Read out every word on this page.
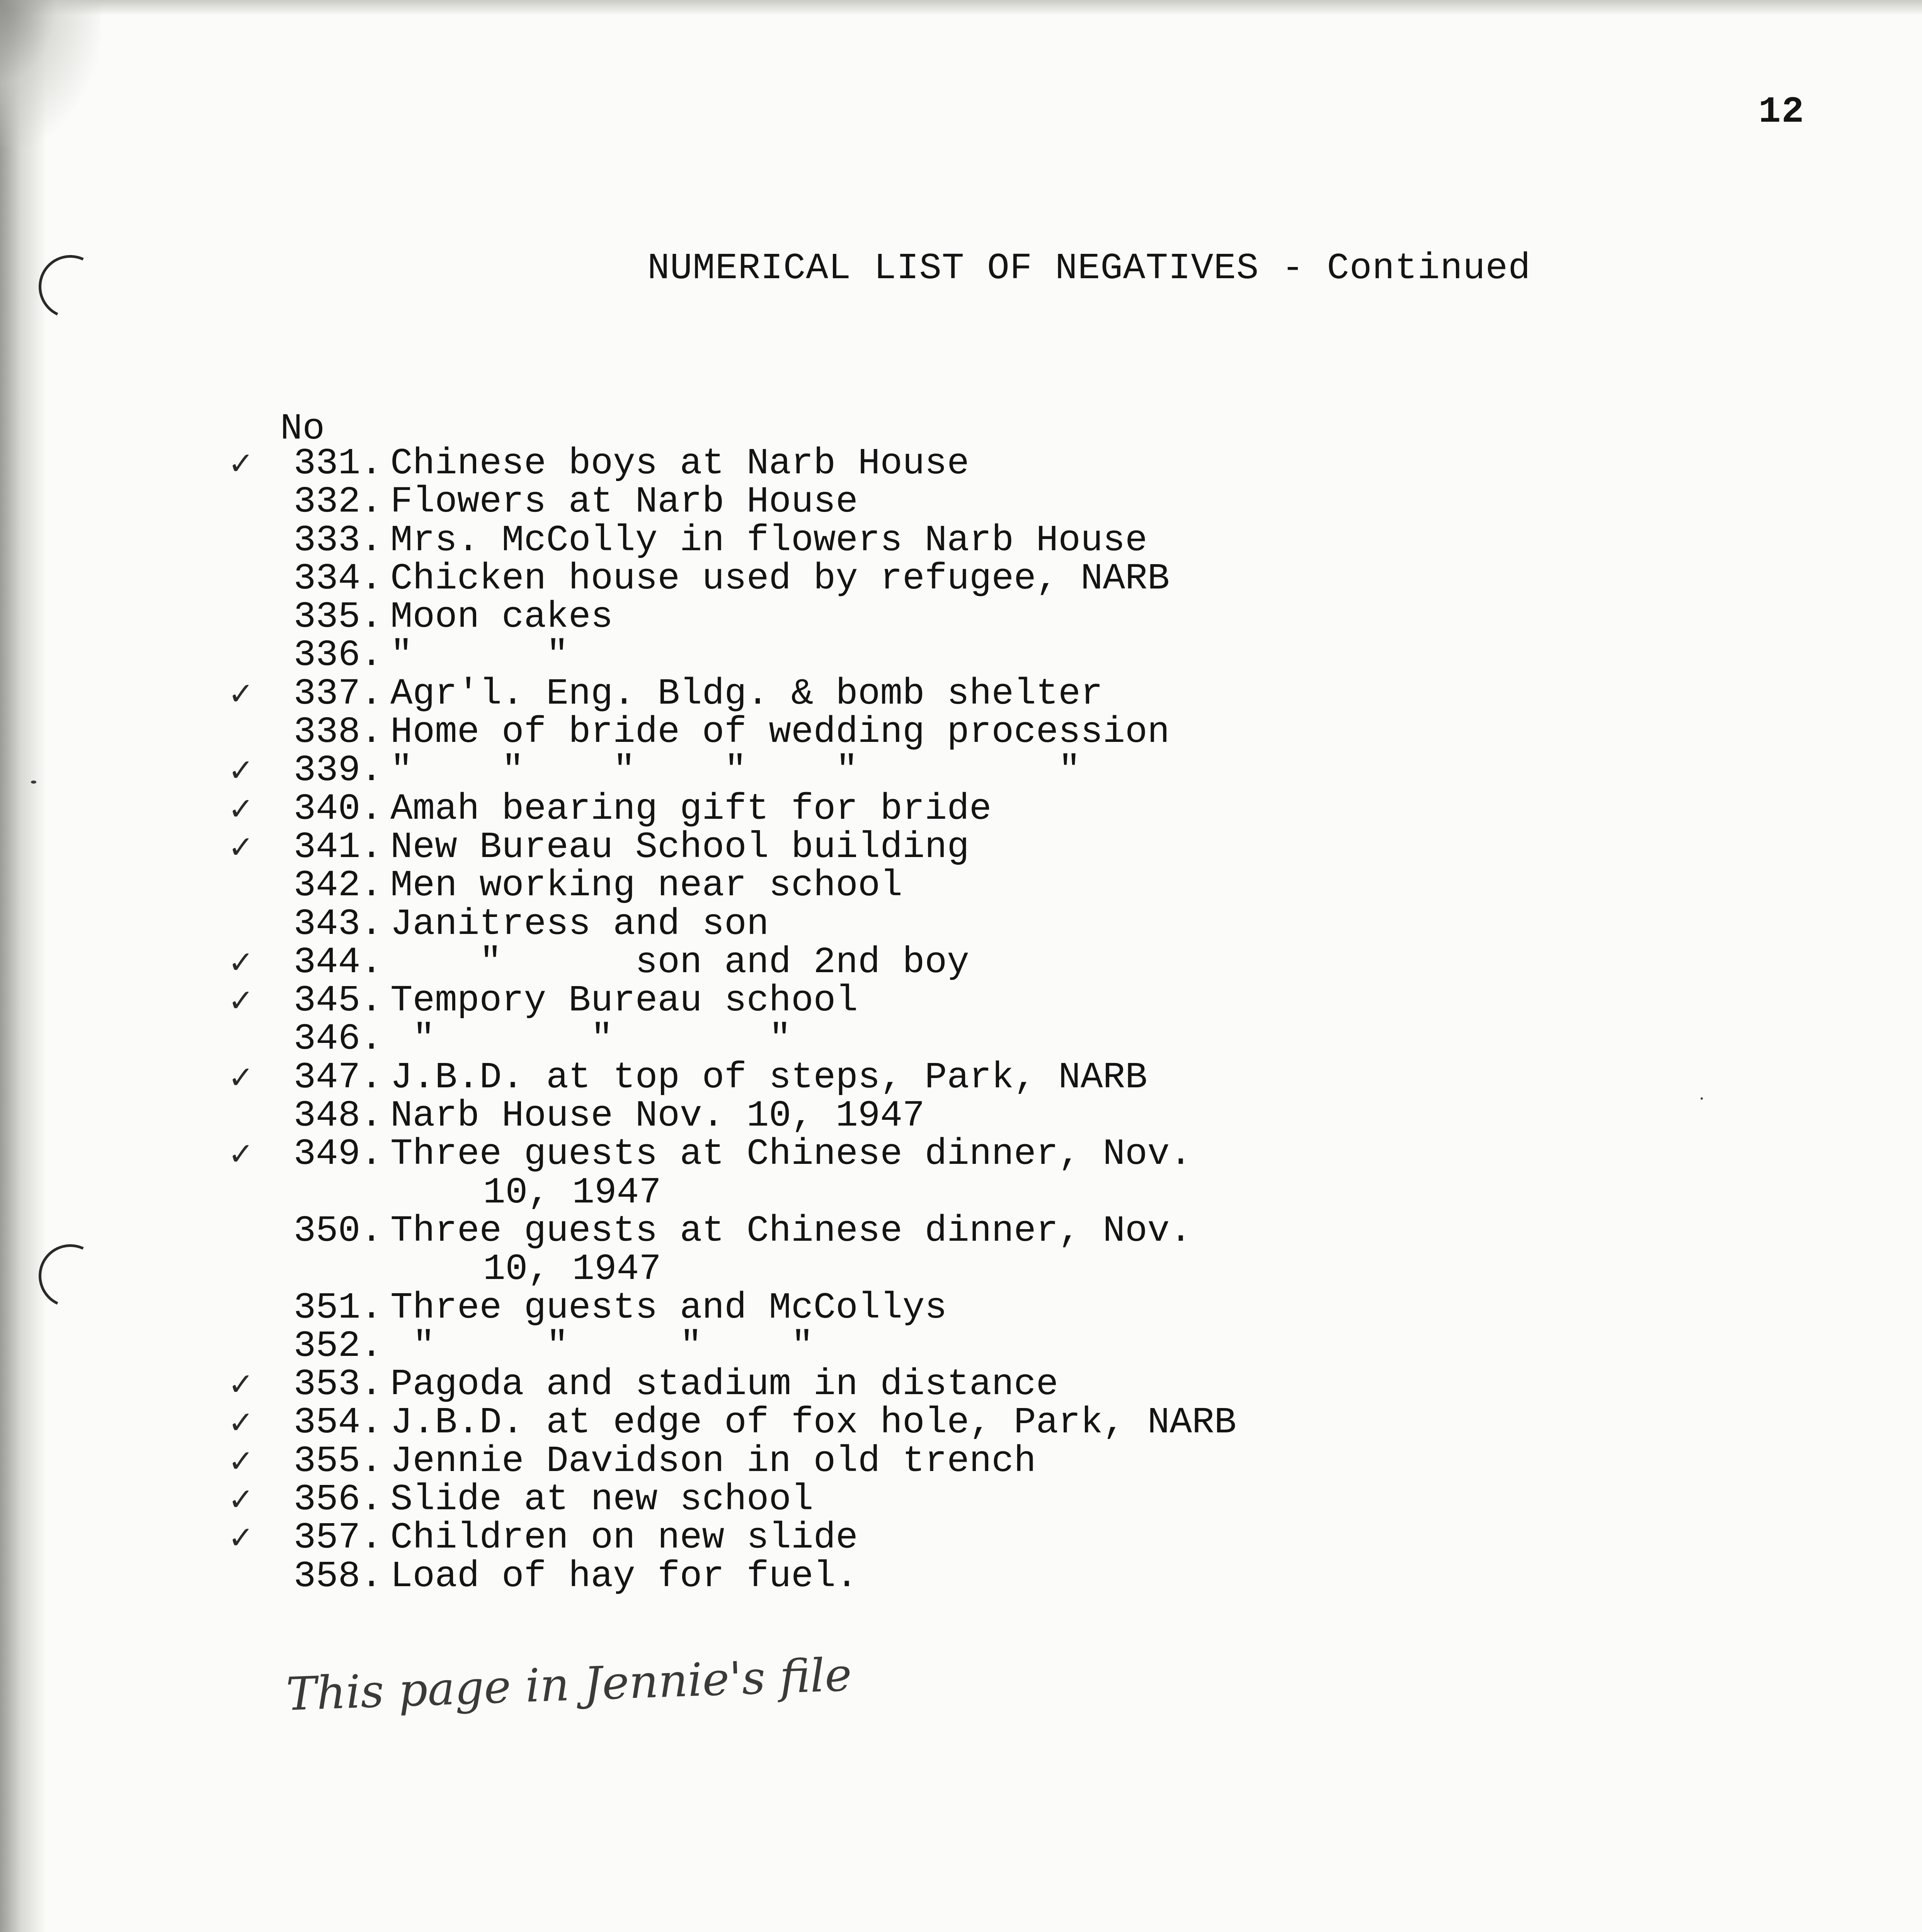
12
NUMERICAL LIST OF NEGATIVES - Continued
No
✓	331. Chinese boys at Narb House
332. Flowers at Narb House
333. Mrs. McColly in flowers Narb House
334. Chicken house used by refugee, NARB
335. Moon cakes
336. "      "
✓	337. Agr'l. Eng. Bldg. & bomb shelter
338. Home of bride of wedding procession
✓	339. "    "    "    "    "         "
✓	340. Amah bearing gift for bride
✓	341. New Bureau School building
342. Men working near school
343. Janitress and son
✓	344. "      son and 2nd boy
✓	345. Tempory Bureau school
346. "       "       "
✓	347. J.B.D. at top of steps, Park, NARB
348. Narb House Nov. 10, 1947
✓	349. Three guests at Chinese dinner, Nov.
10, 1947
350. Three guests at Chinese dinner, Nov.
10, 1947
351. Three guests and McCollys
352. "     "     "    "
✓	353. Pagoda and stadium in distance
✓	354. J.B.D. at edge of fox hole, Park, NARB
✓	355. Jennie Davidson in old trench
✓	356. Slide at new school
✓	357. Children on new slide
358. Load of hay for fuel.
This page in Jennie's file
